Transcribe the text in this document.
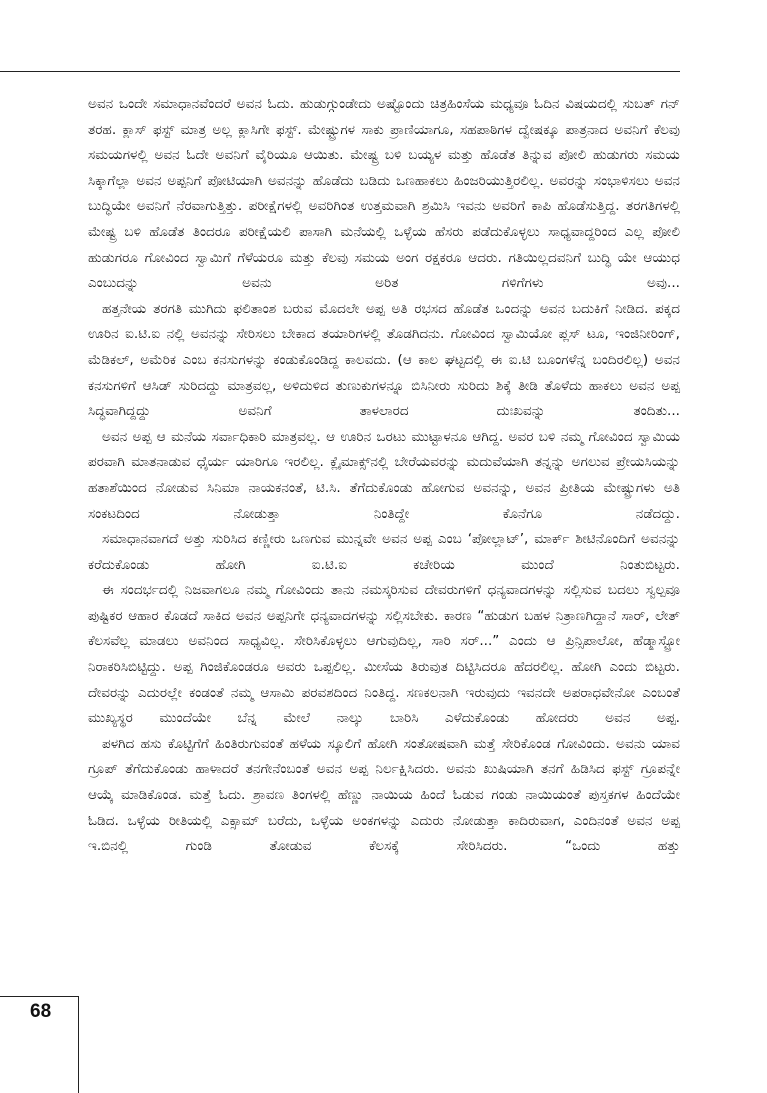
ಅವನ ಒಂದೇ ಸಮಾಧಾನವೆಂದರೆ ಅವನ ಓದು. ಹುಡುಗ್ಗುಂಡೇದು ಅಷ್ಟೊಂದು ಚಿತ್ರಹಿಂಸೆಯ ಮಧ್ಯವೂ ಓದಿನ ವಿಷಯದಲ್ಲಿ ಸುಬತ್ ಗನ್ ತರಹ. ಕ್ಲಾಸ್ ಫಸ್ಟ್ ಮಾತ್ರ ಅಲ್ಲ ಕ್ಲಾಸಿಗೇ ಫಸ್ಟ್. ಮೇಷ್ಟ್ರುಗಳ ಸಾಕು ಪ್ರಾಣಿಯಾಗೂ, ಸಹಪಾಠಿಗಳ ದ್ವೇಷಕ್ಕೂ ಪಾತ್ರನಾದ ಅವನಿಗೆ ಕೆಲವು ಸಮಯಗಳಲ್ಲಿ ಅವನ ಓದೇ ಅವನಿಗೆ ವೈರಿಯೂ ಆಯಿತು. ಮೇಷ್ಟ್ರ ಬಳಿ ಬಯ್ಯಳ ಮತ್ತು ಹೊಡೆತ ತಿನ್ನುವ ಪೋಲಿ ಹುಡುಗರು ಸಮಯ ಸಿಕ್ಕಾಗೆಲ್ಲಾ ಅವನ ಅಪ್ಪನಿಗೆ ಪೋಟಿಯಾಗಿ ಅವನನ್ನು ಹೊಡೆದು ಬಡಿದು ಒಣಹಾಕಲು ಹಿಂಜರಿಯುತ್ತಿರಲಿಲ್ಲ. ಅವರನ್ನು ಸಂಭಾಳಿಸಲು ಅವನ ಬುದ್ಧಿಯೇ ಅವನಿಗೆ ನೆರವಾಗುತ್ತಿತ್ತು. ಪರೀಕ್ಷೆಗಳಲ್ಲಿ ಅವರಿಗಿಂತ ಉತ್ತಮವಾಗಿ ಶ್ರಮಿಸಿ ಇವನು ಅವರಿಗೆ ಕಾಪಿ ಹೊಡೆಸುತ್ತಿದ್ದ. ತರಗತಿಗಳಲ್ಲಿ ಮೇಷ್ಟ್ರ ಬಳಿ ಹೊಡೆತ ತಿಂದರೂ ಪರೀಕ್ಷೆಯಲಿ ಪಾಸಾಗಿ ಮನೆಯಲ್ಲಿ ಒಳ್ಳೆಯ ಹೆಸರು ಪಡೆದುಕೊಳ್ಳಲು ಸಾಧ್ಯವಾದ್ದರಿಂದ ಎಲ್ಲ ಪೋಲಿ ಹುಡುಗರೂ ಗೋವಿಂದ ಸ್ವಾಮಿಗೆ ಗೆಳೆಯರೂ ಮತ್ತು ಕೆಲವು ಸಮಯ ಅಂಗ ರಕ್ಷಕರೂ ಆದರು. ಗತಿಯಿಲ್ಲದವನಿಗೆ ಬುದ್ಧಿ ಯೇ ಆಯುಧ ಎಂಬುದನ್ನು ಅವನು ಅರಿತ ಗಳಿಗೆಗಳು ಅವು...

ಹತ್ತನೇಯ ತರಗತಿ ಮುಗಿದು ಫಲಿತಾಂಶ ಬರುವ ಮೊದಲೇ ಅಪ್ಪ ಅತಿ ರಭಸದ ಹೊಡೆತ ಒಂದನ್ನು ಅವನ ಬದುಕಿಗೆ ನೀಡಿದ. ಪಕ್ಕದ ಊರಿನ ಐ.ಟಿ.ಐ ನಲ್ಲಿ ಅವನನ್ನು ಸೇರಿಸಲು ಬೇಕಾದ ತಯಾರಿಗಳಲ್ಲಿ ತೊಡಗಿದನು. ಗೋವಿಂದ ಸ್ವಾಮಿಯೋ ಪ್ಲಸ್ ಟೂ, ಇಂಜಿನೀರಿಂಗ್, ಮೆಡಿಕಲ್, ಅಮೆರಿಕ ಎಂಬ ಕನಸುಗಳನ್ನು ಕಂಡುಕೊಂಡಿದ್ದ ಕಾಲವದು. (ಆ ಕಾಲ ಘಟ್ಟದಲ್ಲಿ ಈ ಐ.ಟಿ ಬೂಂಗಳೆನ್ನ ಬಂದಿರಲಿಲ್ಲ) ಅವನ ಕನಸುಗಳಿಗೆ ಆಸಿಡ್ ಸುರಿದದ್ದು ಮಾತ್ರವಲ್ಲ, ಅಳಿದುಳಿದ ತುಣುಕುಗಳನ್ನೂ ಬಿಸಿನೀರು ಸುರಿದು ಶಿಕ್ಕೆ ತೀಡಿ ತೊಳೆದು ಹಾಕಲು ಅವನ ಅಪ್ಪ ಸಿದ್ಧವಾಗಿದ್ದದ್ದು ಅವನಿಗೆ ತಾಳಲಾರದ ದುಃಖವನ್ನು ತಂದಿತು...

ಅವನ ಅಪ್ಪ ಆ ಮನೆಯ ಸರ್ವಾಧಿಕಾರಿ ಮಾತ್ರವಲ್ಲ. ಆ ಊರಿನ ಒರಟು ಮುಟ್ಟಾಳನೂ ಆಗಿದ್ದ. ಅವರ ಬಳಿ ನಮ್ಮ ಗೋವಿಂದ ಸ್ವಾಮಿಯ ಪರವಾಗಿ ಮಾತನಾಡುವ ಧೈರ್ಯ ಯಾರಿಗೂ ಇರಲಿಲ್ಲ. ಕ್ಲೈಮಾಕ್ಸ್‌ನಲ್ಲಿ ಬೇರೆಯವರನ್ನು ಮದುವೆಯಾಗಿ ತನ್ನನ್ನು ಅಗಲುವ ಪ್ರೇಯಸಿಯನ್ನು ಹತಾಶೆಯಿಂದ ನೋಡುವ ಸಿನಿಮಾ ನಾಯಕನಂತೆ, ಟಿ.ಸಿ. ತೆಗೆದುಕೊಂಡು ಹೋಗುವ ಅವನನ್ನು, ಅವನ ಪ್ರೀತಿಯ ಮೇಷ್ಟ್ರುಗಳು ಅತಿ ಸಂಕಟದಿಂದ ನೋಡುತ್ತಾ ನಿಂತಿದ್ದೇ ಕೊನೆಗೂ ನಡೆದದ್ದು.

ಸಮಾಧಾನವಾಗದೆ ಅತ್ತು ಸುರಿಸಿದ ಕಣ್ಣೀರು ಒಣಗುವ ಮುನ್ನವೇ ಅವನ ಅಪ್ಪ ಎಂಬ ‘ಪೋಲ್ಲಾಟ್’, ಮಾರ್ಕ್ ಶೀಟಿನೊಂದಿಗೆ ಅವನನ್ನು ಕರೆದುಕೊಂಡು ಹೋಗಿ ಐ.ಟಿ.ಐ ಕಚೇರಿಯ ಮುಂದೆ ನಿಂತುಬಿಟ್ಟರು.

ಈ ಸಂದರ್ಭದಲ್ಲಿ ನಿಜವಾಗಲೂ ನಮ್ಮ ಗೋವಿಂದು ತಾನು ನಮಸ್ಕರಿಸುವ ದೇವರುಗಳಿಗೆ ಧನ್ಯವಾದಗಳನ್ನು ಸಲ್ಲಿಸುವ ಬದಲು ಸ್ವಲ್ಪವೂ ಪುಷ್ಟಿಕರ ಆಹಾರ ಕೊಡದೆ ಸಾಕಿದ ಅವನ ಅಪ್ಪನಿಗೇ ಧನ್ಯವಾದಗಳನ್ನು ಸಲ್ಲಿಸಬೇಕು. ಕಾರಣ “ಹುಡುಗ ಬಹಳ ನಿತ್ರಾಣಗಿದ್ದಾನೆ ಸಾರ್, ಲೇತ್ ಕೆಲಸವೆಲ್ಲ ಮಾಡಲು ಅವನಿಂದ ಸಾಧ್ಯವಿಲ್ಲ. ಸೇರಿಸಿಕೊಳ್ಳಲು ಆಗುವುದಿಲ್ಲ, ಸಾರಿ ಸರ್...” ಎಂದು ಆ ಪ್ರಿನ್ಸಿಪಾಲೋ, ಹೆಡ್ಮಾಸ್ಟ್ರೋ ನಿರಾಕರಿಸಿಬಿಟ್ಟಿದ್ದು. ಅಪ್ಪ ಗಿಂಜಿಕೊಂಡರೂ ಅವರು ಒಪ್ಪಲಿಲ್ಲ. ಮೀಸೆಯ ತಿರುವುತ ದಿಟ್ಟಿಸಿದರೂ ಹೆದರಲಿಲ್ಲ. ಹೋಗಿ ಎಂದು ಬಿಟ್ಟರು. ದೇವರನ್ನು ಎದುರಲ್ಲೇ ಕಂಡಂತೆ ನಮ್ಮ ಆಸಾಮಿ ಪರವಶದಿಂದ ನಿಂತಿದ್ದ. ಸಣಕಲನಾಗಿ ಇರುವುದು ಇವನದೇ ಅಪರಾಧವೇನೋ ಎಂಬಂತೆ ಮುಖ್ಯಸ್ಥರ ಮುಂದೆಯೇ ಬೆನ್ನ ಮೇಲೆ ನಾಲ್ಕು ಬಾರಿಸಿ ಎಳೆದುಕೊಂಡು ಹೋದರು ಅವನ ಅಪ್ಪ.

ಪಳಗಿದ ಹಸು ಕೊಟ್ಟಿಗೆಗೆ ಹಿಂತಿರುಗುವಂತೆ ಹಳೆಯ ಸ್ಕೂಲಿಗೆ ಹೋಗಿ ಸಂತೋಷವಾಗಿ ಮತ್ತೆ ಸೇರಿಕೊಂಡ ಗೋವಿಂದು. ಅವನು ಯಾವ ಗ್ರೂಪ್ ತೆಗೆದುಕೊಂಡು ಹಾಳಾದರೆ ತನಗೇನೆಂಬಂತೆ ಅವನ ಅಪ್ಪ ನಿರ್ಲಕ್ಷಿಸಿದರು. ಅವನು ಖುಷಿಯಾಗಿ ತನಗೆ ಹಿಡಿಸಿದ ಫಸ್ಟ್ ಗ್ರೂಪನ್ನೇ ಆಯ್ಕೆ ಮಾಡಿಕೊಂಡ. ಮತ್ತೆ ಓದು. ಶ್ರಾವಣ ತಿಂಗಳಲ್ಲಿ ಹೆಣ್ಣು ನಾಯಿಯ ಹಿಂದೆ ಓಡುವ ಗಂಡು ನಾಯಿಯಂತೆ ಪುಸ್ತಕಗಳ ಹಿಂದೆಯೇ ಓಡಿದ. ಒಳ್ಳೆಯ ರೀತಿಯಲ್ಲಿ ಎಕ್ಸಾಮ್ ಬರೆದು, ಒಳ್ಳೆಯ ಅಂಕಗಳನ್ನು ಎದುರು ನೋಡುತ್ತಾ ಕಾದಿರುವಾಗ, ಎಂದಿನಂತೆ ಅವನ ಅಪ್ಪ ಇ.ಬಿನಲ್ಲಿ ಗುಂಡಿ ತೋಡುವ ಕೆಲಸಕ್ಕೆ ಸೇರಿಸಿದರು. “ಒಂದು ಹತ್ತು

68
